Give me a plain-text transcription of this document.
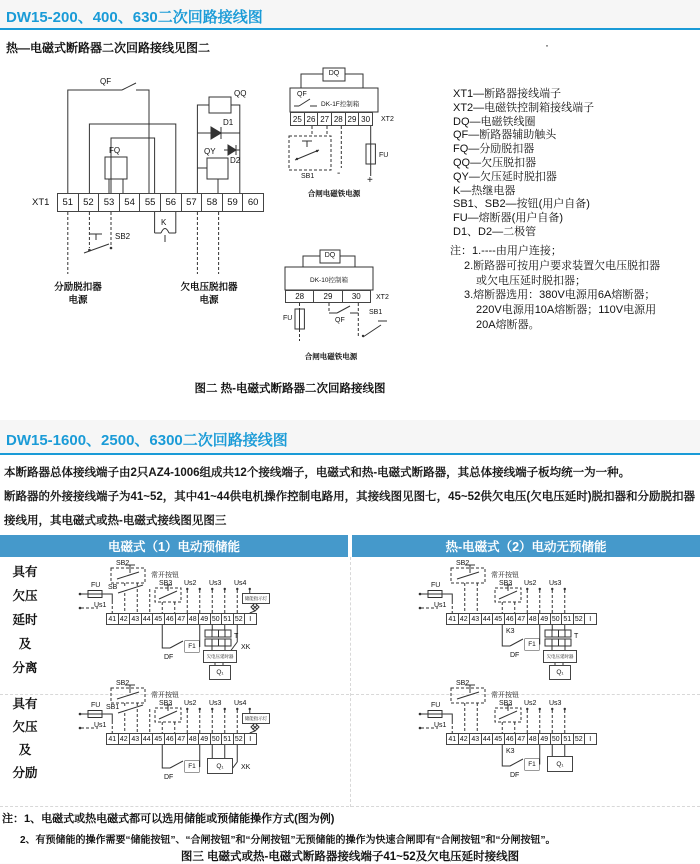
DW15-200、400、630二次回路接线图
热—电磁式断路器二次回路接线见图二	·
QF
FQ
QQ
QY
D1
D2
K
SB2
XT1	51	52	53	54	55	56	57	58	59	60
分励脱扣器
电源
欠电压脱扣器
电源
DQ
QF
DK-1F控制箱
25 26 27 28 29 30	XT2
SB1 -
FU
+
合闸电磁铁电源
DQ
DK-10控制箱
28	29	30	XT2
FU	QF
SB1
合闸电磁铁电源
XT1—断路器接线端子
XT2—电磁铁控制箱接线端子
DQ—电磁铁线圈
QF—断路器辅助触头
FQ—分励脱扣器
QQ—欠压脱扣器
QY—欠压延时脱扣器
K—热继电器
SB1、SB2—按钮(用户自备)
FU—熔断器(用户自备)
D1、D2—二极管
注：1.----由用户连接；
2.断路器可按用户要求装置欠电压脱扣器
或欠电压延时脱扣器；
3.熔断器选用：380V电源用6A熔断器；
220V电源用10A熔断器；110V电源用
20A熔断器。
图二 热-电磁式断路器二次回路接线图
DW15-1600、2500、6300二次回路接线图
本断路器总体接线端子由2只AZ4-1006组成共12个接线端子，电磁式和热-电磁式断路器，其总体接线端子板均统一为一种。
断路器的外接接线端子为41~52，其中41~44供电机操作控制电路用，其接线图见图七，45~52供欠电压(欠电压延时)脱扣器和分励脱扣器接线用，其电磁式或热-电磁式接线图见图三
电磁式（1）电动预储能	热-电磁式（2）电动无预储能
具有
欠压
延时
及
分离
具有
欠压
及
分励
FU
Us1
SB2
SB
常开按钮
SB3 Us2 Us3 Us4
储能指示灯
41 42 43 44 45 46 47 48 49 50 51 52 I
DF
F1
T
欠电压延时器
Q₁
XK
FU
Us1
SB2
常开按钮
SB3 Us2 Us3
41 42 43 44 45 46 47 48 49 50 51 52 I
K3
DF
F1
T
欠电压延时器
Q₁
FU
Us1
SB2
SB1
常开按钮
SB3 Us2 Us3 Us4
储能指示灯
41 42 43 44 45 46 47 48 49 50 51 52 I
DF
F1	Q₁	XK
FU
Us1
SB2
常开按钮
SB3 Us2 Us3
41 42 43 44 45 46 47 48 49 50 51 52 I
K3
DF
F1	Q₁
注：1、电磁式或热电磁式都可以选用储能或预储能操作方式(图为例)
2、有预储能的操作需要“储能按钮”、“合闸按钮”和“分闸按钮”无预储能的操作为快速合闸即有“合闸按钮”和“分闸按钮”。
图三 电磁式或热-电磁式断路器接线端子41~52及欠电压延时接线图
